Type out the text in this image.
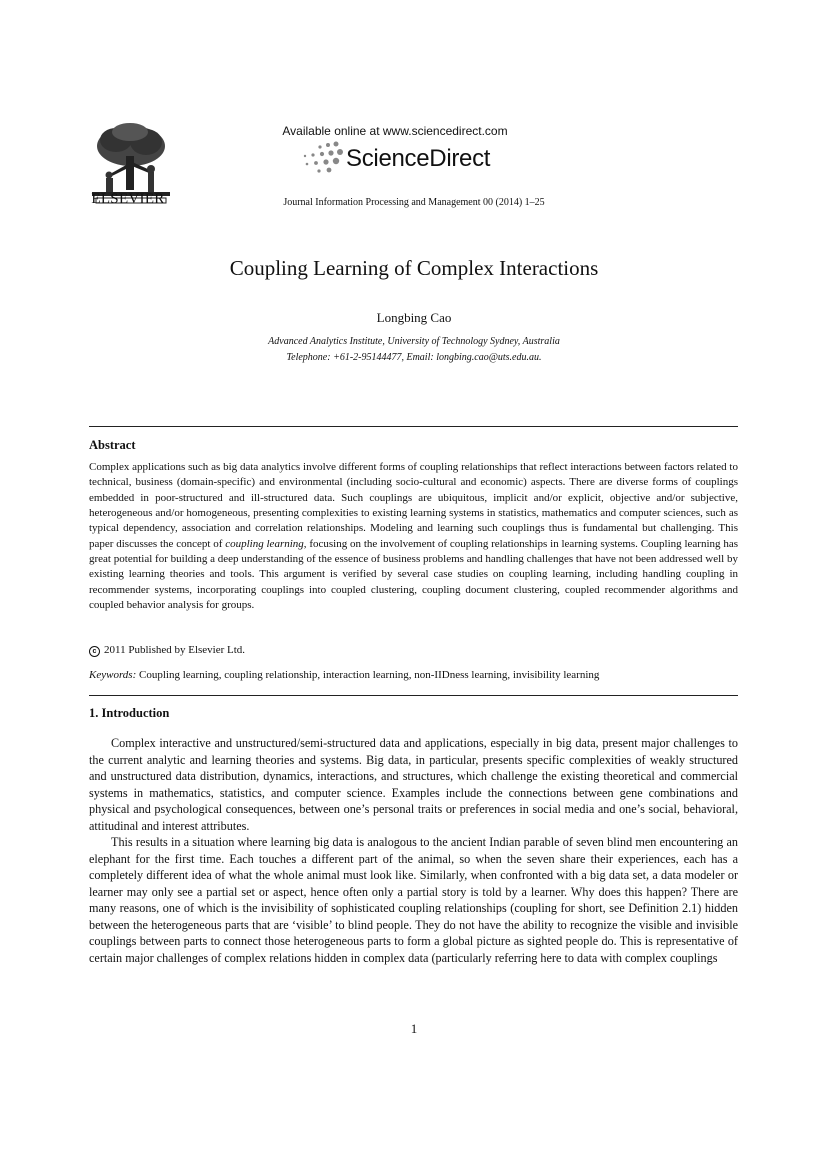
ELSEVIER
Available online at www.sciencedirect.com
ScienceDirect
Journal Information Processing and Management 00 (2014) 1–25
Coupling Learning of Complex Interactions
Longbing Cao
Advanced Analytics Institute, University of Technology Sydney, Australia
Telephone: +61-2-95144477, Email: longbing.cao@uts.edu.au.
Abstract
Complex applications such as big data analytics involve different forms of coupling relationships that reflect interactions between factors related to technical, business (domain-specific) and environmental (including socio-cultural and economic) aspects. There are diverse forms of couplings embedded in poor-structured and ill-structured data. Such couplings are ubiquitous, implicit and/or explicit, objective and/or subjective, heterogeneous and/or homogeneous, presenting complexities to existing learning systems in statistics, mathematics and computer sciences, such as typical dependency, association and correlation relationships. Modeling and learning such couplings thus is fundamental but challenging. This paper discusses the concept of coupling learning, focusing on the involvement of coupling relationships in learning systems. Coupling learning has great potential for building a deep understanding of the essence of business problems and handling challenges that have not been addressed well by existing learning theories and tools. This argument is verified by several case studies on coupling learning, including handling coupling in recommender systems, incorporating couplings into coupled clustering, coupling document clustering, coupled recommender algorithms and coupled behavior analysis for groups.
c 2011 Published by Elsevier Ltd.
Keywords: Coupling learning, coupling relationship, interaction learning, non-IIDness learning, invisibility learning
1. Introduction

Complex interactive and unstructured/semi-structured data and applications, especially in big data, present major challenges to the current analytic and learning theories and systems. Big data, in particular, presents specific complexities of weakly structured and unstructured data distribution, dynamics, interactions, and structures, which challenge the existing theoretical and commercial systems in mathematics, statistics, and computer science. Examples include the connections between gene combinations and physical and psychological consequences, between one’s personal traits or preferences in social media and one’s social, behavioral, attitudinal and interest attributes.

This results in a situation where learning big data is analogous to the ancient Indian parable of seven blind men encountering an elephant for the first time. Each touches a different part of the animal, so when the seven share their experiences, each has a completely different idea of what the whole animal must look like. Similarly, when confronted with a big data set, a data modeler or learner may only see a partial set or aspect, hence often only a partial story is told by a learner. Why does this happen? There are many reasons, one of which is the invisibility of sophisticated coupling relationships (coupling for short, see Definition 2.1) hidden between the heterogeneous parts that are ‘visible’ to blind people. They do not have the ability to recognize the visible and invisible couplings between parts to connect those heterogeneous parts to form a global picture as sighted people do. This is representative of certain major challenges of complex relations hidden in complex data (particularly referring here to data with complex couplings

1
